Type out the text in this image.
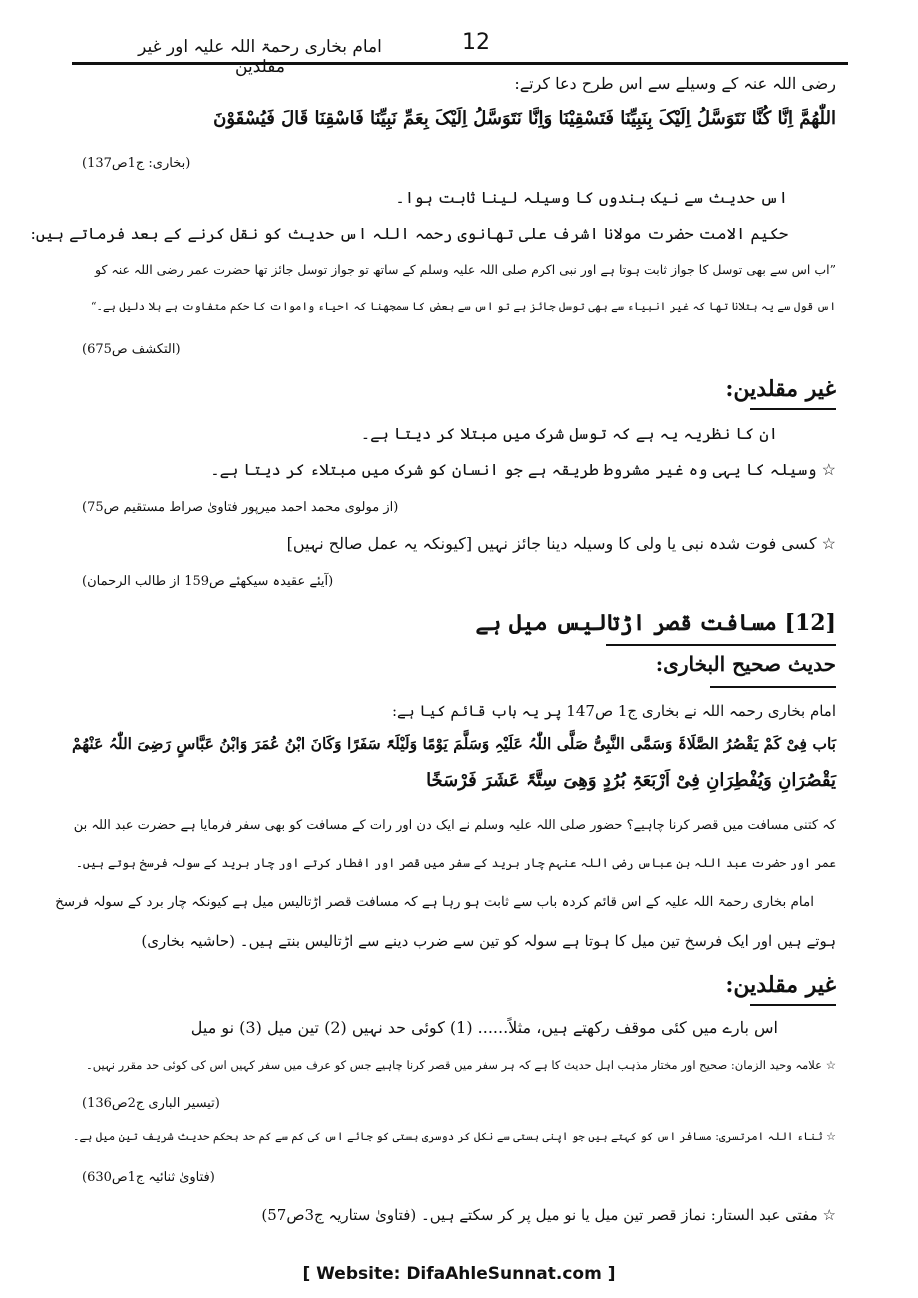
امام بخاری رحمۃ اللہ علیہ اور غیر مقلدین
12
رضی اللہ عنہ کے وسیلے سے اس طرح دعا کرتے:
اللّٰھُمَّ اِنَّا کُنَّا نَتَوَسَّلُ اِلَیْکَ بِنَبِیِّنَا فَتَسْقِیْنَا وَاِنَّا نَتَوَسَّلُ اِلَیْکَ بِعَمِّ نَبِیِّنَا فَاسْقِنَا قَالَ فَیُسْقَوْنَ
(بخاری: ج1ص137)
اس حدیث سے نیک بندوں کا وسیلہ لینا ثابت ہوا۔
حکیم الامت حضرت مولانا اشرف علی تھانوی رحمہ اللہ اس حدیث کو نقل کرنے کے بعد فرماتے ہیں:
”اب اس سے بھی توسل کا جواز ثابت ہوتا ہے اور نبی اکرم صلی اللہ علیہ وسلم کے ساتھ تو جواز توسل جائز تھا حضرت عمر رضی اللہ عنہ کو
اس قول سے یہ بتلانا تھا کہ غیر انبیاء سے بھی توسل جائز ہے تو اس سے بعض کا سمجھنا کہ احیاء واموات کا حکم متفاوت ہے بلا دلیل ہے۔“
(التکشف ص675)
غیر مقلدین:
ان کا نظریہ یہ ہے کہ توسل شرک میں مبتلا کر دیتا ہے۔
☆ وسیلہ کا یہی وہ غیر مشروط طریقہ ہے جو انسان کو شرک میں مبتلاء کر دیتا ہے۔
(از مولوی محمد احمد میرپور فتاویٰ صراط مستقیم ص75)
☆ کسی فوت شدہ نبی یا ولی کا وسیلہ دینا جائز نہیں [کیونکہ یہ عمل صالح نہیں]
(آیئے عقیدہ سیکھئے ص159 از طالب الرحمان)
[12] مسافت قصر اڑتالیس میل ہے
حدیث صحیح البخاری:
امام بخاری رحمہ اللہ نے بخاری ج1 ص147 پر یہ باب قائم کیا ہے:
بَاب فِیْ کَمْ یَقْصُرُ الصَّلَاۃَ وَسَمَّی النَّبِیُّ صَلَّی اللّٰہُ عَلَیْہِ وَسَلَّمَ یَوْمًا وَلَیْلَۃً سَفَرًا وَکَانَ ابْنُ عُمَرَ وَابْنُ عَبَّاسٍ رَضِیَ اللّٰہُ عَنْھُمْ
یَقْصُرَانِ وَیُفْطِرَانِ فِیْ اَرْبَعَۃِ بُرُدٍ وَھِیَ سِتَّۃَ عَشَرَ فَرْسَخًا
کہ کتنی مسافت میں قصر کرنا چاہیے؟ حضور صلی اللہ علیہ وسلم نے ایک دن اور رات کے مسافت کو بھی سفر فرمایا ہے حضرت عبد اللہ بن
عمر اور حضرت عبد اللہ بن عباس رضی اللہ عنہم چار برید کے سفر میں قصر اور افطار کرتے اور چار برید کے سولہ فرسخ ہوتے ہیں۔
امام بخاری رحمۃ اللہ علیہ کے اس قائم کردہ باب سے ثابت ہو رہا ہے کہ مسافت قصر اڑتالیس میل ہے کیونکہ چار برد کے سولہ فرسخ
ہوتے ہیں اور ایک فرسخ تین میل کا ہوتا ہے سولہ کو تین سے ضرب دینے سے اڑتالیس بنتے ہیں۔ (حاشیہ بخاری)
غیر مقلدین:
اس بارے میں کئی موقف رکھتے ہیں، مثلاً...... (1) کوئی حد نہیں (2) تین میل (3) نو میل
☆ علامہ وحید الزمان: صحیح اور مختار مذہب اہل حدیث کا ہے کہ ہر سفر میں قصر کرنا چاہیے جس کو عرف میں سفر کہیں اس کی کوئی حد مقرر نہیں۔
(تیسیر الباری ج2ص136)
☆ ثناء اللہ امرتسری: مسافر اس کو کہتے ہیں جو اپنی بستی سے نکل کر دوسری بستی کو جائے اس کی کم سے کم حد بحکم حدیث شریف تین میل ہے۔
(فتاویٰ ثنائیہ ج1ص630)
☆ مفتی عبد الستار: نماز قصر تین میل یا نو میل پر کر سکتے ہیں۔ (فتاویٰ ستاریہ ج3ص57)
[ Website: DifaAhleSunnat.com ]
